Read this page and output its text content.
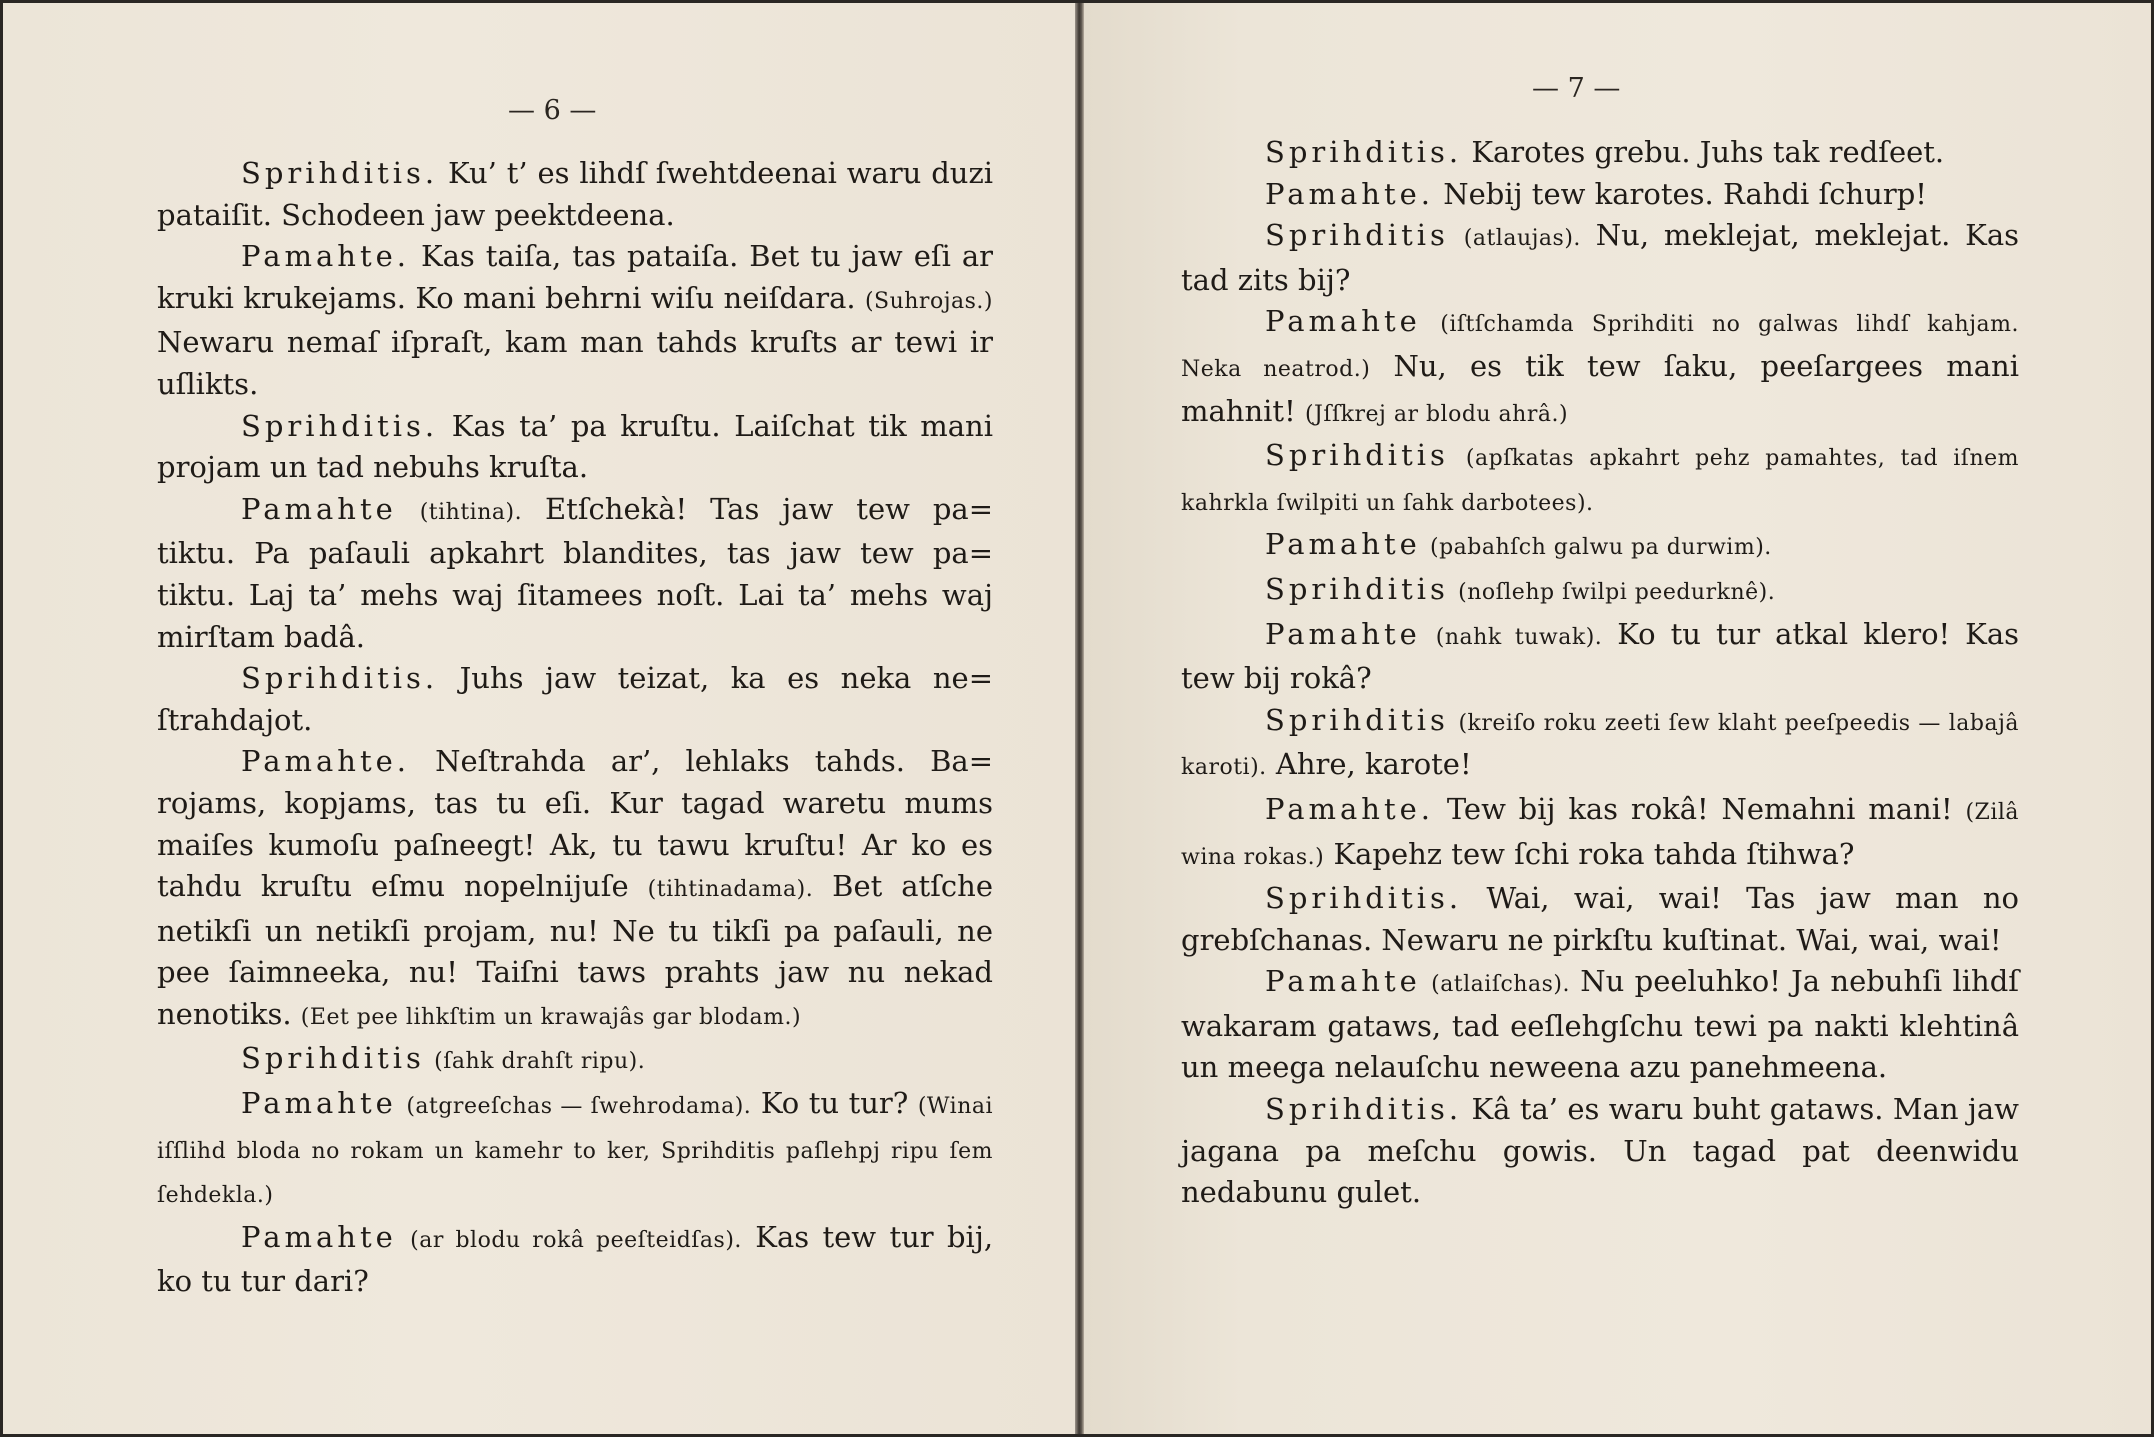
— 6 —

Sprihditis. Ku’ t’ es lihdſ ſwehtdeenai waru duzi pataiſit. Schodeen jaw peektdeena.

Pamahte. Kas taiſa, tas pataiſa. Bet tu jaw eſi ar kruki krukejams. Ko mani behrni wiſu neiſdara. (Suhrojas.) Newaru nemaſ iſpraſt, kam man tahds kruſts ar tewi ir uſlikts.

Sprihditis. Kas ta’ pa kruſtu. Laiſchat tik mani projam un tad nebuhs kruſta.

Pamahte (tihtina). Etſchekà! Tas jaw tew pa= tiktu. Pa paſauli apkahrt blandites, tas jaw tew pa= tiktu. Laj ta’ mehs waj ſitamees noſt. Lai ta’ mehs waj mirſtam badâ.

Sprihditis. Juhs jaw teizat, ka es neka ne= ſtrahdajot.

Pamahte. Neſtrahda ar’, lehlaks tahds. Ba= rojams, kopjams, tas tu eſi. Kur tagad waretu mums maiſes kumoſu paſneegt! Ak, tu tawu kruſtu! Ar ko es tahdu kruſtu eſmu nopelnijuſe (tihtinadama). Bet atſche netikſi un netikſi projam, nu! Ne tu tikſi pa paſauli, ne pee ſaimneeka, nu! Taiſni taws prahts jaw nu nekad nenotiks. (Eet pee lihkſtim un krawajâs gar blodam.)

Sprihditis (ſahk drahſt ripu).

Pamahte (atgreeſchas — ſwehrodama). Ko tu tur? (Winai iſſlihd bloda no rokam un kamehr to ker, Sprihditis paſlehpj ripu ſem ſehdekla.)

Pamahte (ar blodu rokâ peeſteidſas). Kas tew tur bij, ko tu tur dari?

— 7 —

Sprihditis. Karotes grebu. Juhs tak redſeet.

Pamahte. Nebij tew karotes. Rahdi ſchurp!

Sprihditis (atlaujas). Nu, meklejat, meklejat. Kas tad zits bij?

Pamahte (iſtſchamda Sprihditi no galwas lihdſ kahjam. Neka neatrod.) Nu, es tik tew ſaku, peeſargees mani mahnit! (Jſſkrej ar blodu ahrâ.)

Sprihditis (apſkatas apkahrt pehz pamahtes, tad iſnem kahrkla ſwilpiti un ſahk darbotees).

Pamahte (pabahſch galwu pa durwim).

Sprihditis (noſlehp ſwilpi peedurknê).

Pamahte (nahk tuwak). Ko tu tur atkal klero! Kas tew bij rokâ?

Sprihditis (kreiſo roku zeeti ſew klaht peeſpeedis — labajâ karoti). Ahre, karote!

Pamahte. Tew bij kas rokâ! Nemahni mani! (Zilâ wina rokas.) Kapehz tew ſchi roka tahda ſtihwa?

Sprihditis. Wai, wai, wai! Tas jaw man no grebſchanas. Newaru ne pirkſtu kuſtinat. Wai, wai, wai!

Pamahte (atlaiſchas). Nu peeluhko! Ja nebuhſi lihdſ wakaram gataws, tad eeſlehgſchu tewi pa nakti klehtinâ un meega nelauſchu neweena azu panehmeena.

Sprihditis. Kâ ta’ es waru buht gataws. Man jaw jagana pa meſchu gowis. Un tagad pat deenwidu nedabunu gulet.
